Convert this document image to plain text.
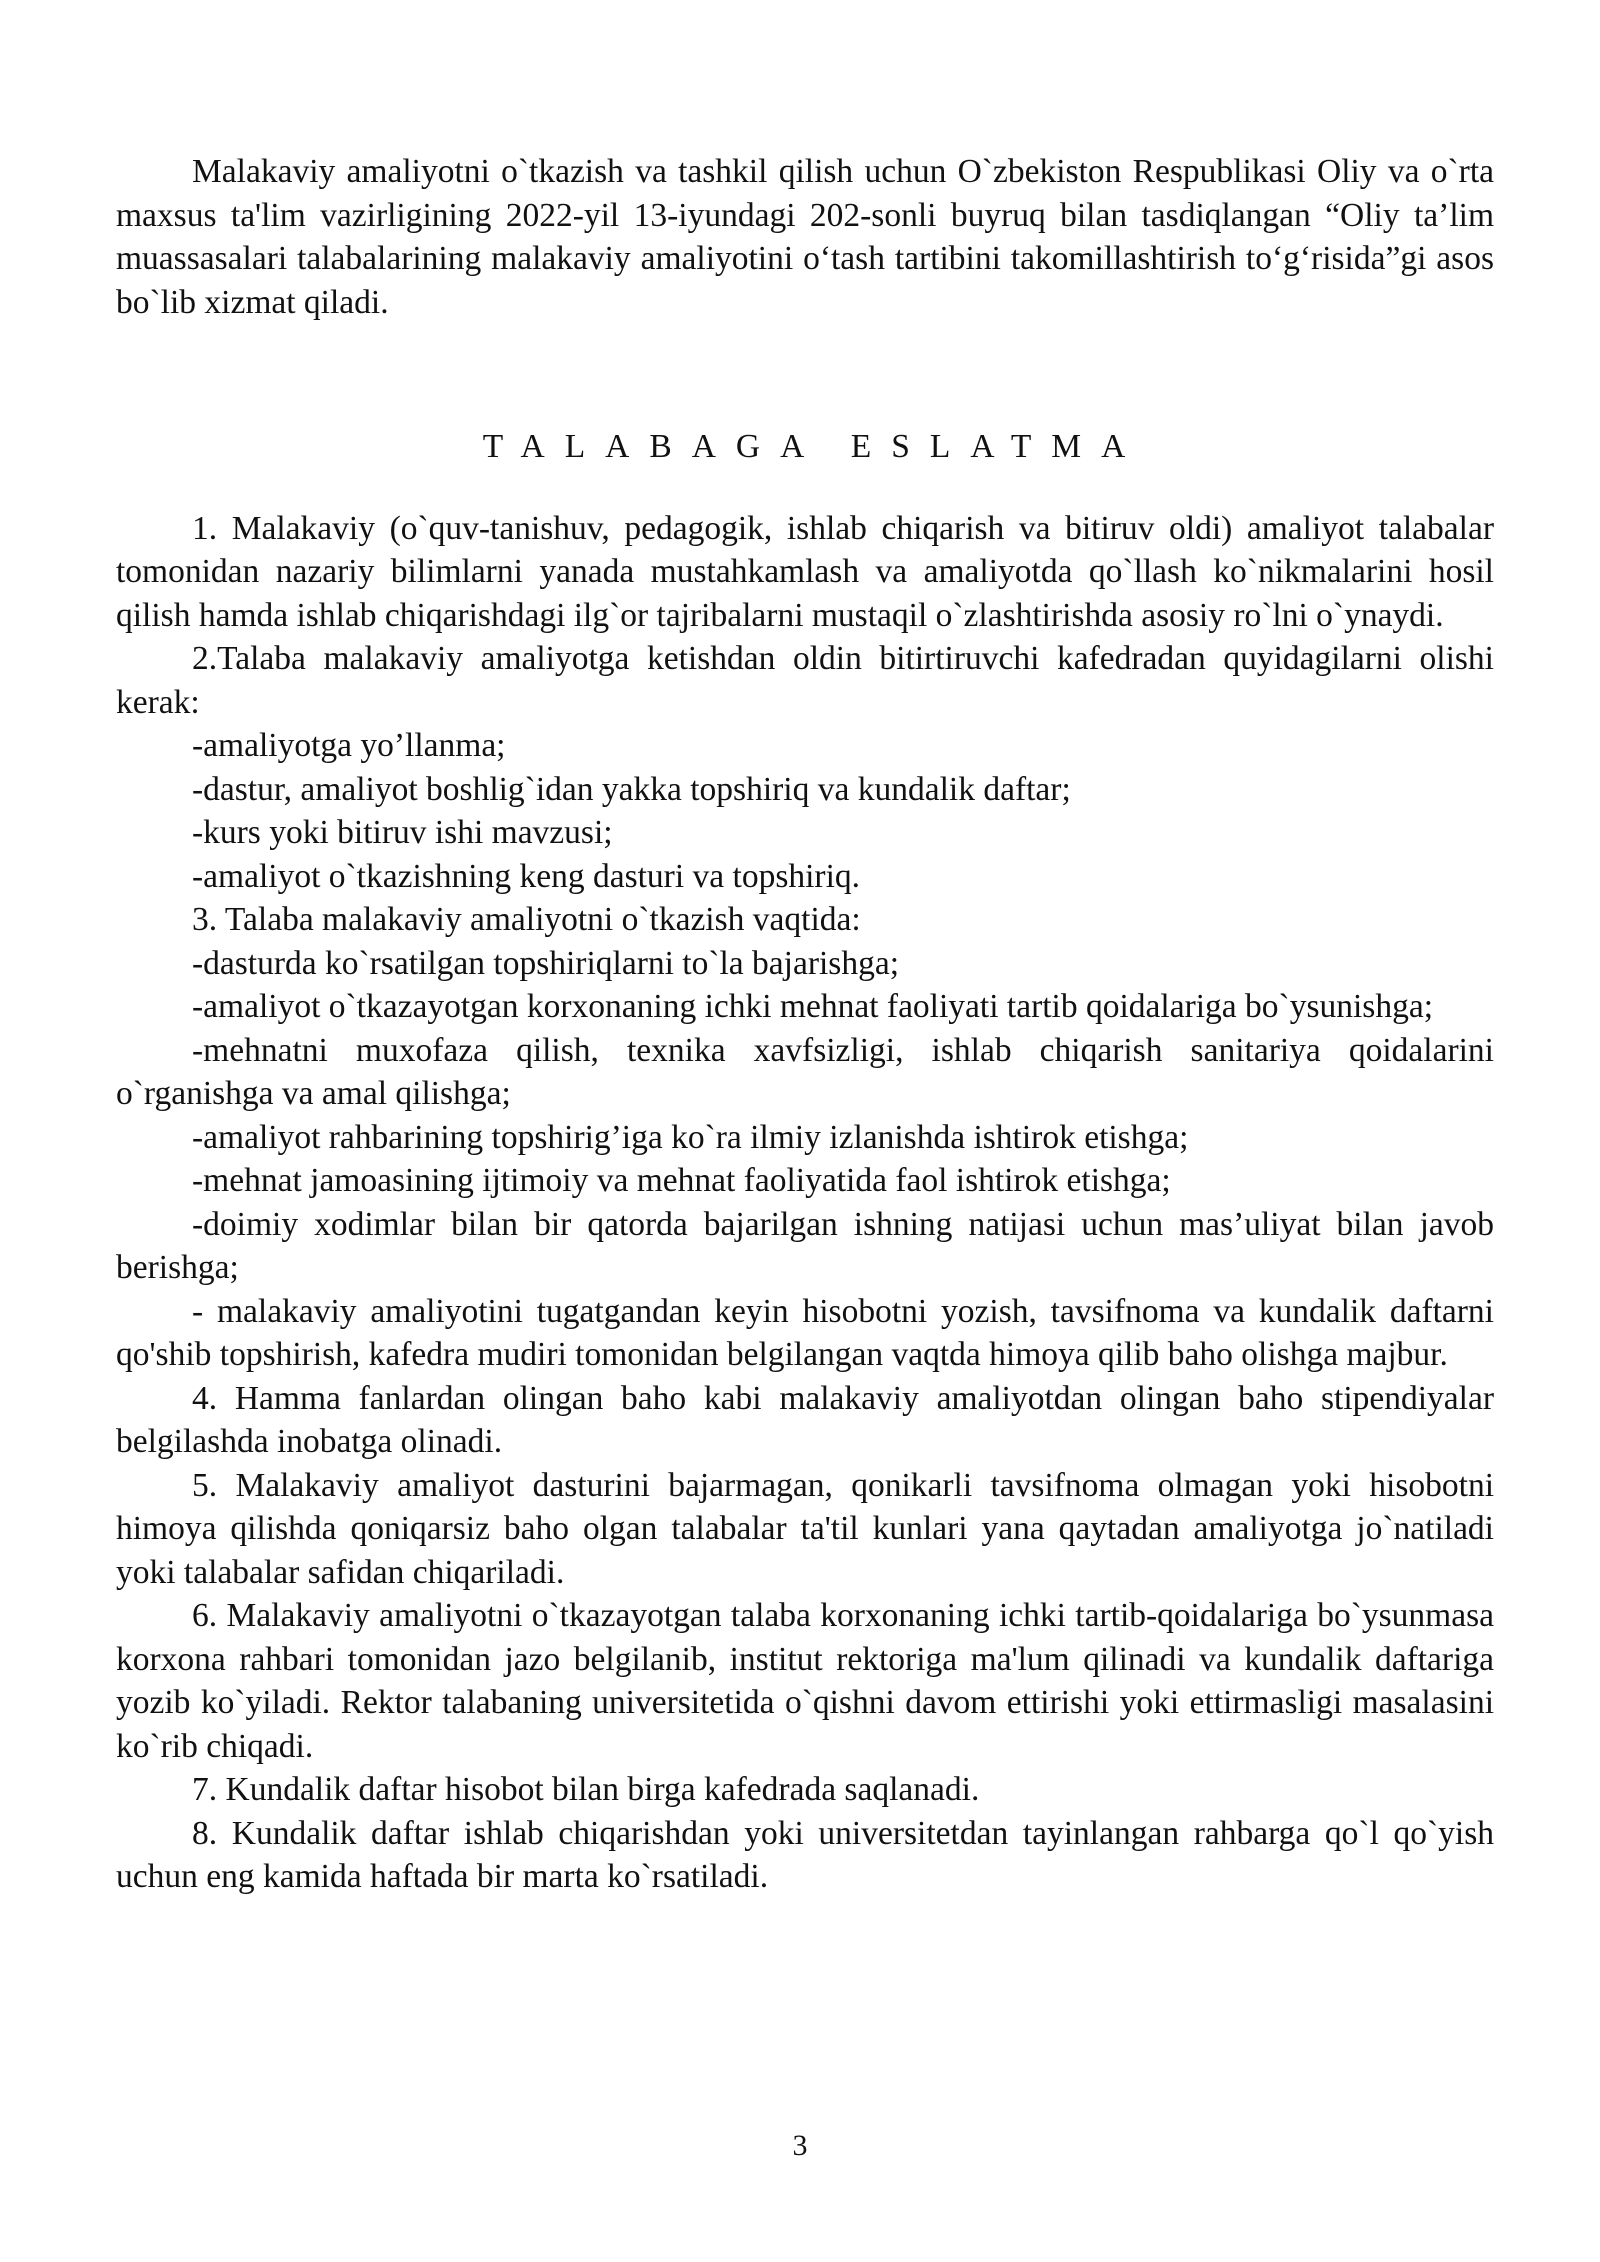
Malakaviy amaliyotni o`tkazish va tashkil qilish uchun O`zbekiston Respublikasi Oliy va o`rta maxsus ta'lim vazirligining 2022-yil 13-iyundagi 202-sonli buyruq bilan tasdiqlangan “Oliy ta’lim muassasalari talabalarining malakaviy amaliyotini o‘tash tartibini takomillashtirish to‘g‘risida”gi asos bo`lib xizmat qiladi.

TALABAGA ESLATMA

1. Malakaviy (o`quv-tanishuv, pedagogik, ishlab chiqarish va bitiruv oldi) amaliyot talabalar tomonidan nazariy bilimlarni yanada mustahkamlash va amaliyotda qo`llash ko`nikmalarini hosil qilish hamda ishlab chiqarishdagi ilg`or tajribalarni mustaqil o`zlashtirishda asosiy ro`lni o`ynaydi.

2.Talaba malakaviy amaliyotga ketishdan oldin bitirtiruvchi kafedradan quyidagilarni olishi kerak:

-amaliyotga yo’llanma;

-dastur, amaliyot boshlig`idan yakka topshiriq va kundalik daftar;

-kurs yoki bitiruv ishi mavzusi;

-amaliyot o`tkazishning keng dasturi va topshiriq.

3. Talaba malakaviy amaliyotni o`tkazish vaqtida:

-dasturda ko`rsatilgan topshiriqlarni to`la bajarishga;

-amaliyot o`tkazayotgan korxonaning ichki mehnat faoliyati tartib qoidalariga bo`ysunishga;

-mehnatni muxofaza qilish, texnika xavfsizligi, ishlab chiqarish sanitariya qoidalarini o`rganishga va amal qilishga;

-amaliyot rahbarining topshirig’iga ko`ra ilmiy izlanishda ishtirok etishga;

-mehnat jamoasining ijtimoiy va mehnat faoliyatida faol ishtirok etishga;

-doimiy xodimlar bilan bir qatorda bajarilgan ishning natijasi uchun mas’uliyat bilan javob berishga;

- malakaviy amaliyotini tugatgandan keyin hisobotni yozish, tavsifnoma va kundalik daftarni qo'shib topshirish, kafedra mudiri tomonidan belgilangan vaqtda himoya qilib baho olishga majbur.

4. Hamma fanlardan olingan baho kabi malakaviy amaliyotdan olingan baho stipendiyalar belgilashda inobatga olinadi.

5. Malakaviy amaliyot dasturini bajarmagan, qonikarli tavsifnoma olmagan yoki hisobotni himoya qilishda qoniqarsiz baho olgan talabalar ta'til kunlari yana qaytadan amaliyotga jo`natiladi yoki talabalar safidan chiqariladi.

6. Malakaviy amaliyotni o`tkazayotgan talaba korxonaning ichki tartib-qoidalariga bo`ysunmasa korxona rahbari tomonidan jazo belgilanib, institut rektoriga ma'lum qilinadi va kundalik daftariga yozib ko`yiladi. Rektor talabaning universitetida o`qishni davom ettirishi yoki ettirmasligi masalasini ko`rib chiqadi.

7. Kundalik daftar hisobot bilan birga kafedrada saqlanadi.

8. Kundalik daftar ishlab chiqarishdan yoki universitetdan tayinlangan rahbarga qo`l qo`yish uchun eng kamida haftada bir marta ko`rsatiladi.

3
